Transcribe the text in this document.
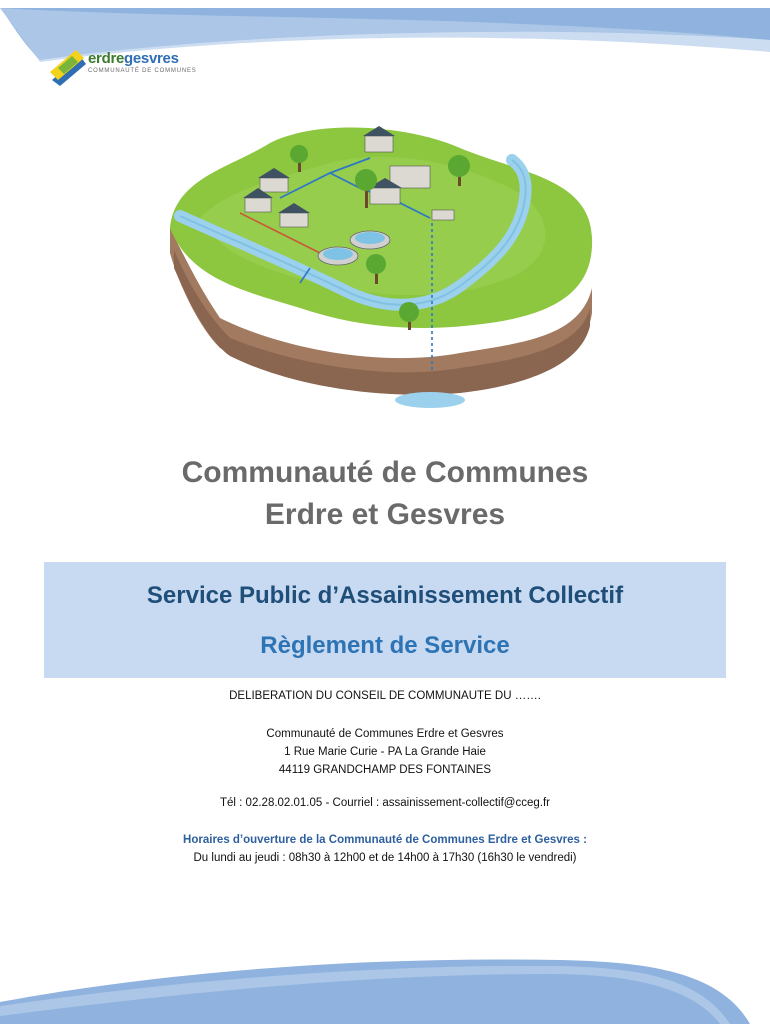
erdregesvres
COMMUNAUTÉ DE COMMUNES
Communauté de Communes
Erdre et Gesvres
Service Public d’Assainissement Collectif
Règlement de Service
DELIBERATION DU CONSEIL DE COMMUNAUTE DU …….
Communauté de Communes Erdre et Gesvres
1 Rue Marie Curie - PA La Grande Haie
44119 GRANDCHAMP DES FONTAINES
Tél : 02.28.02.01.05 - Courriel : assainissement-collectif@cceg.fr
Horaires d’ouverture de la Communauté de Communes Erdre et Gesvres :
Du lundi au jeudi : 08h30 à 12h00 et de 14h00 à 17h30 (16h30 le vendredi)
